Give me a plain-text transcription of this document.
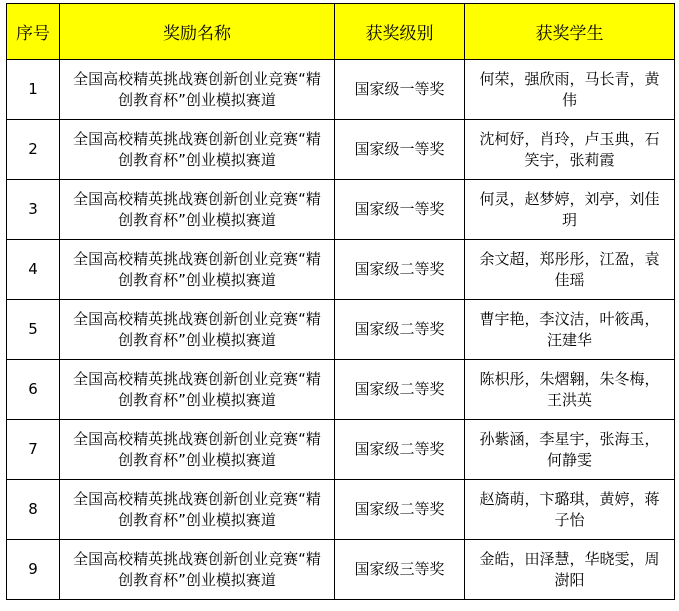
序号	奖励名称	获奖级别	获奖学生
1	全国高校精英挑战赛创新创业竞赛“精创教育杯”创业模拟赛道	国家级一等奖	何荣，强欣雨，马长青，黄伟
2	全国高校精英挑战赛创新创业竞赛“精创教育杯”创业模拟赛道	国家级一等奖	沈柯妤，肖玲，卢玉典，石笑宇，张莉霞
3	全国高校精英挑战赛创新创业竞赛“精创教育杯”创业模拟赛道	国家级一等奖	何灵，赵梦婷，刘亭，刘佳玥
4	全国高校精英挑战赛创新创业竞赛“精创教育杯”创业模拟赛道	国家级二等奖	余文超，郑彤彤，江盈，袁佳瑶
5	全国高校精英挑战赛创新创业竞赛“精创教育杯”创业模拟赛道	国家级二等奖	曹宇艳，李汶洁，叶筱禹，汪建华
6	全国高校精英挑战赛创新创业竞赛“精创教育杯”创业模拟赛道	国家级二等奖	陈枳彤，朱熠翱，朱冬梅，王洪英
7	全国高校精英挑战赛创新创业竞赛“精创教育杯”创业模拟赛道	国家级二等奖	孙紫涵，李星宇，张海玉，何静雯
8	全国高校精英挑战赛创新创业竞赛“精创教育杯”创业模拟赛道	国家级二等奖	赵旖萌，卞璐琪，黄婷，蒋子怡
9	全国高校精英挑战赛创新创业竞赛“精创教育杯”创业模拟赛道	国家级三等奖	金皓，田泽慧，华晓雯，周澍阳
